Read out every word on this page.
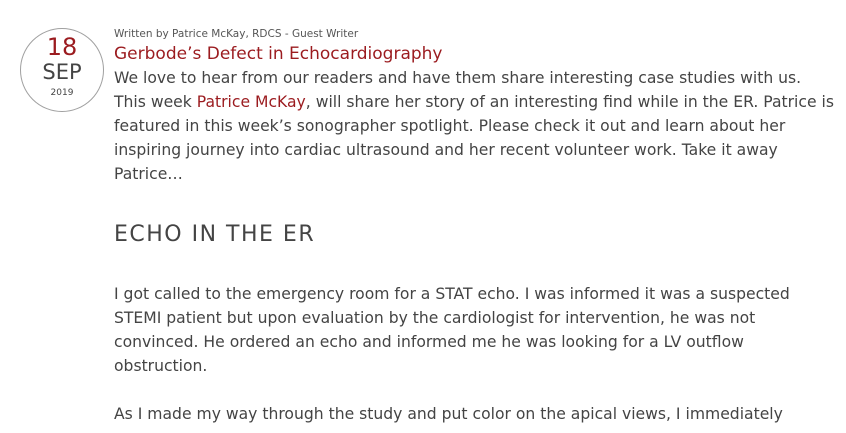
18
SEP
2019

Written by Patrice McKay, RDCS - Guest Writer

Gerbode’s Defect in Echocardiography

We love to hear from our readers and have them share interesting case studies with us. This week Patrice McKay, will share her story of an interesting find while in the ER. Patrice is featured in this week’s sonographer spotlight. Please check it out and learn about her inspiring journey into cardiac ultrasound and her recent volunteer work. Take it away Patrice…

ECHO IN THE ER

I got called to the emergency room for a STAT echo. I was informed it was a suspected STEMI patient but upon evaluation by the cardiologist for intervention, he was not convinced. He ordered an echo and informed me he was looking for a LV outflow obstruction.

As I made my way through the study and put color on the apical views, I immediately
